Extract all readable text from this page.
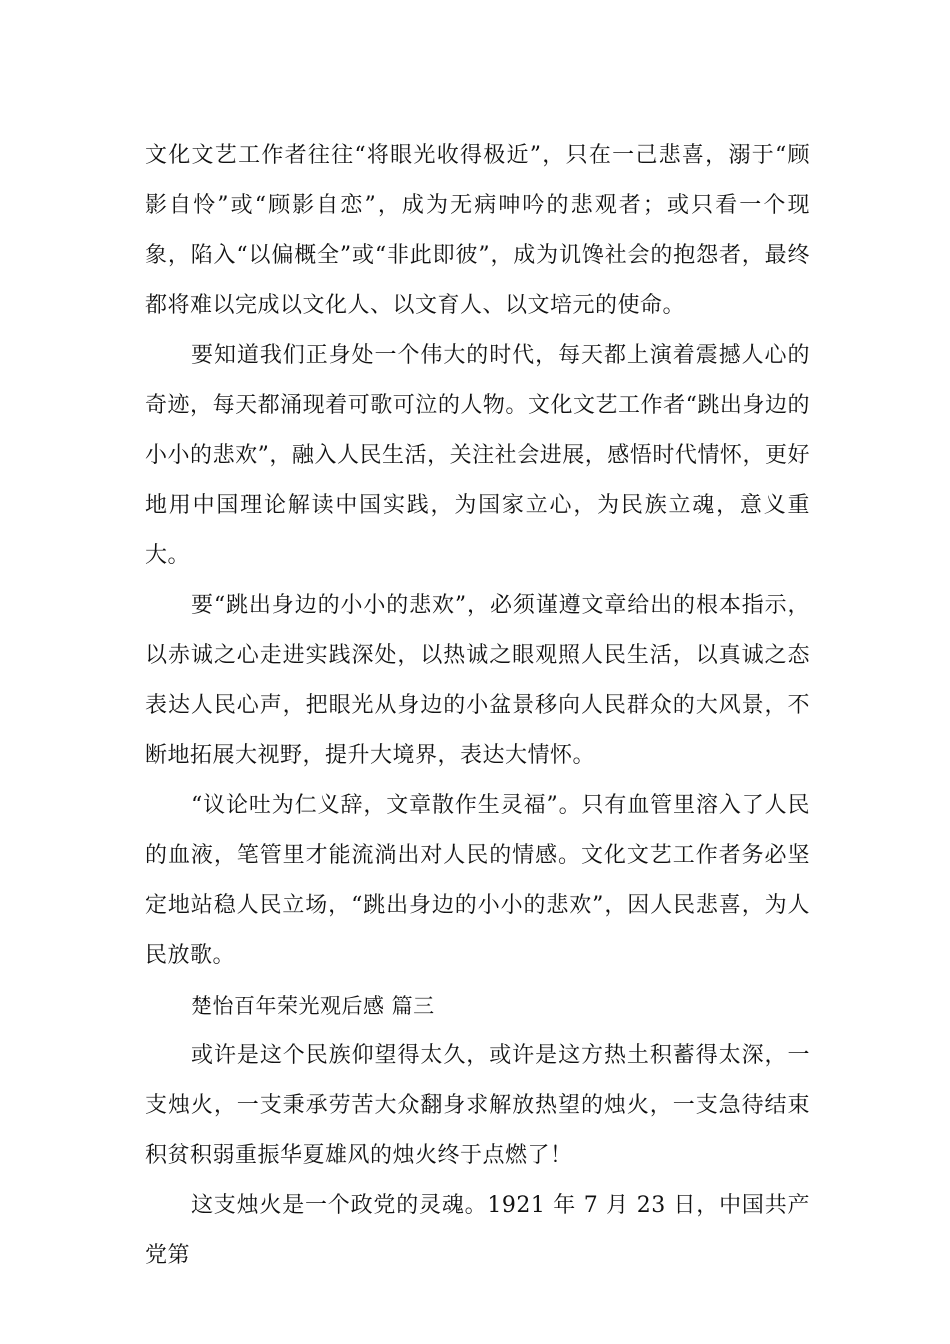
文化文艺工作者往往“将眼光收得极近”，只在一己悲喜，溺于“顾影自怜”或“顾影自恋”，成为无病呻吟的悲观者；或只看一个现象，陷入“以偏概全”或“非此即彼”，成为讥馋社会的抱怨者，最终都将难以完成以文化人、以文育人、以文培元的使命。

要知道我们正身处一个伟大的时代，每天都上演着震撼人心的奇迹，每天都涌现着可歌可泣的人物。文化文艺工作者“跳出身边的小小的悲欢”，融入人民生活，关注社会进展，感悟时代情怀，更好地用中国理论解读中国实践，为国家立心，为民族立魂，意义重大。

要“跳出身边的小小的悲欢”，必须谨遵文章给出的根本指示，以赤诚之心走进实践深处，以热诚之眼观照人民生活，以真诚之态表达人民心声，把眼光从身边的小盆景移向人民群众的大风景，不断地拓展大视野，提升大境界，表达大情怀。

“议论吐为仁义辞，文章散作生灵福”。只有血管里溶入了人民的血液，笔管里才能流淌出对人民的情感。文化文艺工作者务必坚定地站稳人民立场，“跳出身边的小小的悲欢”，因人民悲喜，为人民放歌。

楚怡百年荣光观后感 篇三

或许是这个民族仰望得太久，或许是这方热土积蓄得太深，一支烛火，一支秉承劳苦大众翻身求解放热望的烛火，一支急待结束积贫积弱重振华夏雄风的烛火终于点燃了！

这支烛火是一个政党的灵魂。1921 年 7 月 23 日，中国共产党第
